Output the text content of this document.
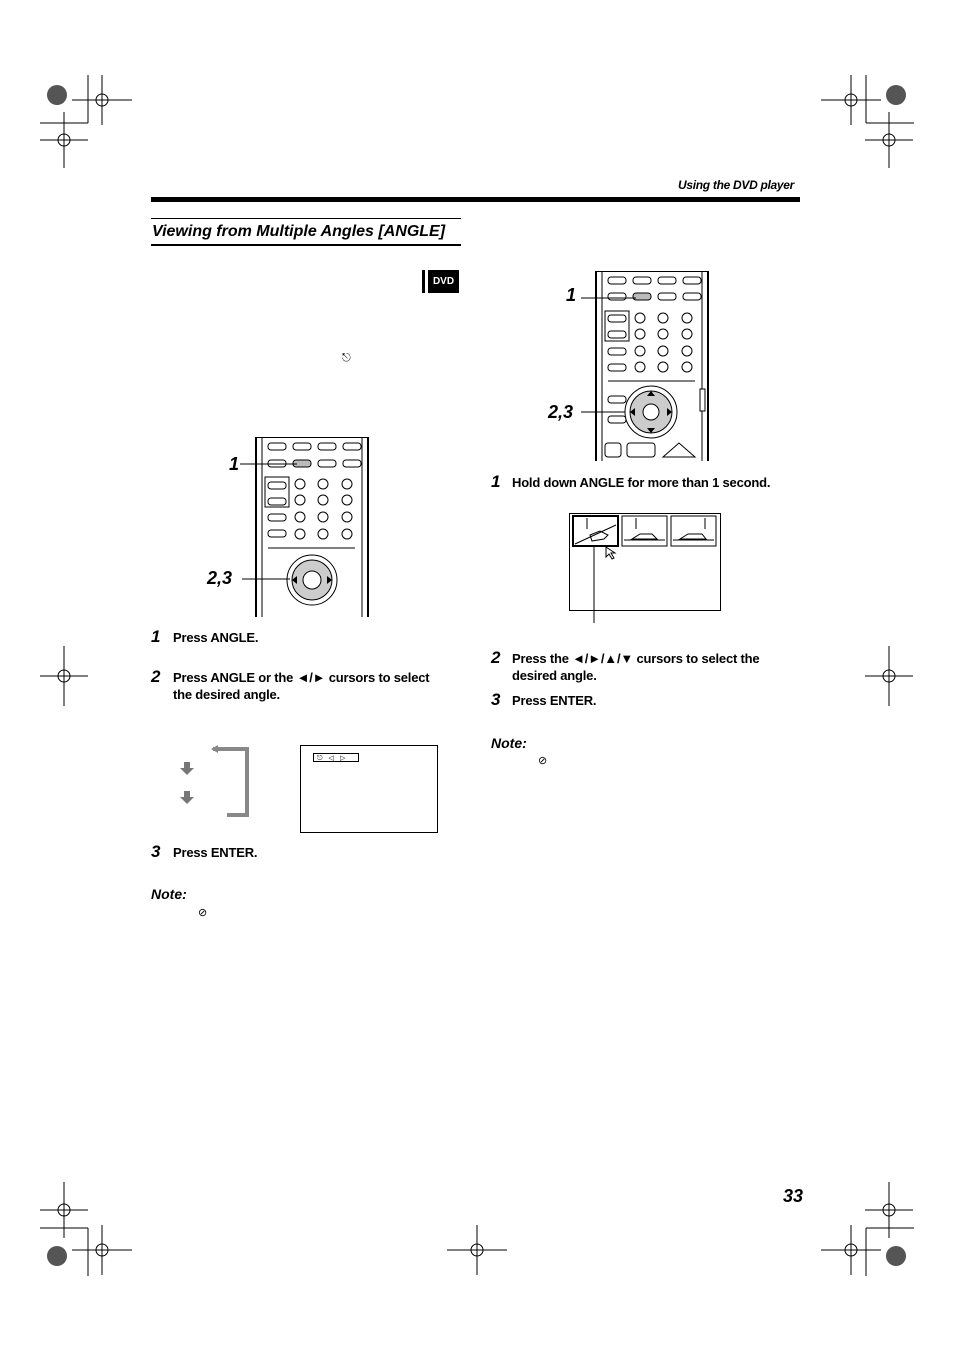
Using the DVD player
Viewing from Multiple Angles [ANGLE]
DVD
⎋
1
2,3
1 Press ANGLE.
2 Press ANGLE or the ◄/► cursors to select the desired angle.
⎋ ◁ ▷
3 Press ENTER.
Note:
⊘
1
2,3
1 Hold down ANGLE for more than 1 second.
2 Press the ◄/►/▲/▼ cursors to select the desired angle.
3 Press ENTER.
Note:
⊘
33
